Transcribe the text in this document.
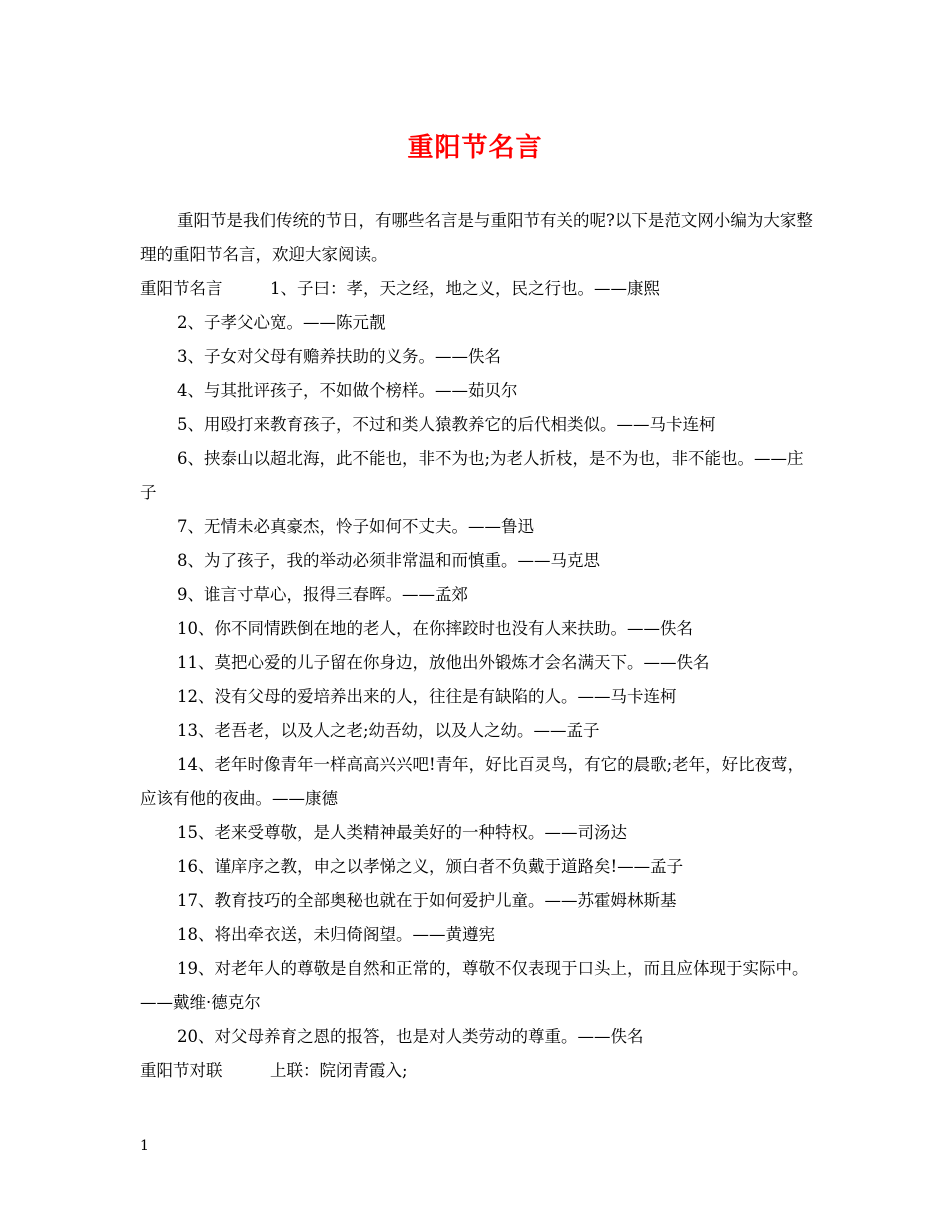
重阳节名言

重阳节是我们传统的节日，有哪些名言是与重阳节有关的呢?以下是范文网小编为大家整理的重阳节名言，欢迎大家阅读。

重阳节名言	1、子曰：孝，天之经，地之义，民之行也。——康熙

2、子孝父心宽。——陈元靓

3、子女对父母有赡养扶助的义务。——佚名

4、与其批评孩子，不如做个榜样。——茹贝尔

5、用殴打来教育孩子，不过和类人猿教养它的后代相类似。——马卡连柯

6、挟泰山以超北海，此不能也，非不为也;为老人折枝，是不为也，非不能也。——庄子

7、无情未必真豪杰，怜子如何不丈夫。——鲁迅

8、为了孩子，我的举动必须非常温和而慎重。——马克思

9、谁言寸草心，报得三春晖。——孟郊

10、你不同情跌倒在地的老人，在你摔跤时也没有人来扶助。——佚名

11、莫把心爱的儿子留在你身边，放他出外锻炼才会名满天下。——佚名

12、没有父母的爱培养出来的人，往往是有缺陷的人。——马卡连柯

13、老吾老，以及人之老;幼吾幼，以及人之幼。——孟子

14、老年时像青年一样高高兴兴吧!青年，好比百灵鸟，有它的晨歌;老年，好比夜莺，应该有他的夜曲。——康德

15、老来受尊敬，是人类精神最美好的一种特权。——司汤达

16、谨庠序之教，申之以孝悌之义，颁白者不负戴于道路矣!——孟子

17、教育技巧的全部奥秘也就在于如何爱护儿童。——苏霍姆林斯基

18、将出牵衣送，未归倚阁望。——黄遵宪

19、对老年人的尊敬是自然和正常的，尊敬不仅表现于口头上，而且应体现于实际中。——戴维·德克尔

20、对父母养育之恩的报答，也是对人类劳动的尊重。——佚名

重阳节对联	上联：院闭青霞入;

1
